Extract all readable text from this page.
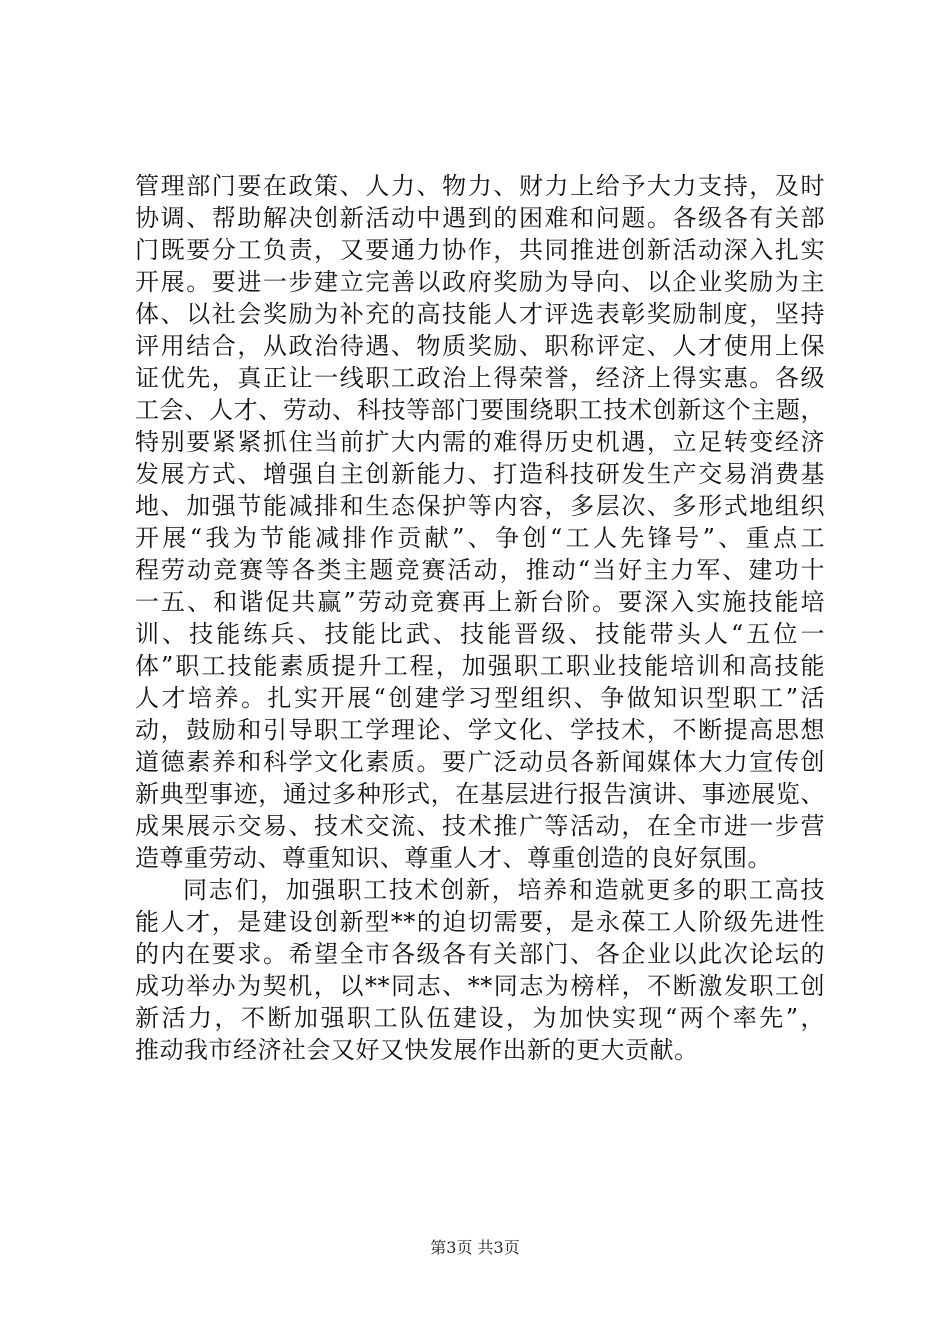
管理部门要在政策、人力、物力、财力上给予大力支持，及时
协调、帮助解决创新活动中遇到的困难和问题。各级各有关部
门既要分工负责，又要通力协作，共同推进创新活动深入扎实
开展。要进一步建立完善以政府奖励为导向、以企业奖励为主
体、以社会奖励为补充的高技能人才评选表彰奖励制度，坚持
评用结合，从政治待遇、物质奖励、职称评定、人才使用上保
证优先，真正让一线职工政治上得荣誉，经济上得实惠。各级
工会、人才、劳动、科技等部门要围绕职工技术创新这个主题，
特别要紧紧抓住当前扩大内需的难得历史机遇，立足转变经济
发展方式、增强自主创新能力、打造科技研发生产交易消费基
地、加强节能减排和生态保护等内容，多层次、多形式地组织
开展“我为节能减排作贡献”、争创“工人先锋号”、重点工
程劳动竞赛等各类主题竞赛活动，推动“当好主力军、建功十
一五、和谐促共赢”劳动竞赛再上新台阶。要深入实施技能培
训、技能练兵、技能比武、技能晋级、技能带头人“五位一
体”职工技能素质提升工程，加强职工职业技能培训和高技能
人才培养。扎实开展“创建学习型组织、争做知识型职工”活
动，鼓励和引导职工学理论、学文化、学技术，不断提高思想
道德素养和科学文化素质。要广泛动员各新闻媒体大力宣传创
新典型事迹，通过多种形式，在基层进行报告演讲、事迹展览、
成果展示交易、技术交流、技术推广等活动，在全市进一步营
造尊重劳动、尊重知识、尊重人才、尊重创造的良好氛围。
同志们，加强职工技术创新，培养和造就更多的职工高技
能人才，是建设创新型**的迫切需要，是永葆工人阶级先进性
的内在要求。希望全市各级各有关部门、各企业以此次论坛的
成功举办为契机，以**同志、**同志为榜样，不断激发职工创
新活力，不断加强职工队伍建设，为加快实现“两个率先”，
推动我市经济社会又好又快发展作出新的更大贡献。
第3页 共3页
